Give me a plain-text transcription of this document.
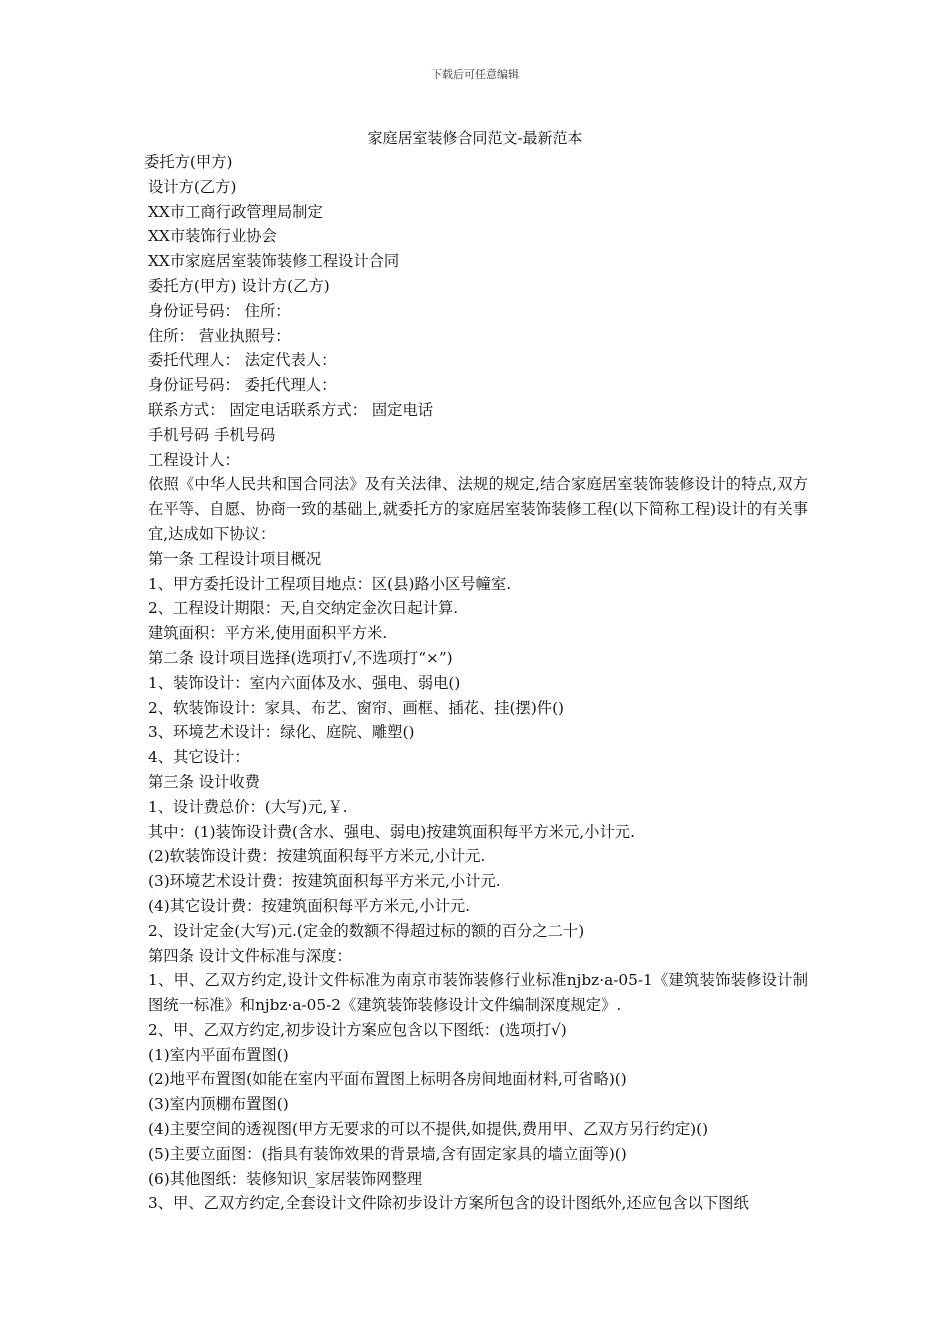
下载后可任意编辑
家庭居室装修合同范文-最新范本
委托方(甲方)
设计方(乙方)
XX市工商行政管理局制定
XX市装饰行业协会
XX市家庭居室装饰装修工程设计合同
委托方(甲方) 设计方(乙方)
身份证号码： 住所：
住所： 营业执照号：
委托代理人： 法定代表人：
身份证号码： 委托代理人：
联系方式： 固定电话联系方式： 固定电话
手机号码 手机号码
工程设计人：
依照《中华人民共和国合同法》及有关法律、法规的规定,结合家庭居室装饰装修设计的特点,双方在平等、自愿、协商一致的基础上,就委托方的家庭居室装饰装修工程(以下简称工程)设计的有关事宜,达成如下协议：
第一条 工程设计项目概况
1、甲方委托设计工程项目地点：区(县)路小区号幢室.
2、工程设计期限：天,自交纳定金次日起计算.
建筑面积：平方米,使用面积平方米.
第二条 设计项目选择(选项打√,不选项打“×”)
1、装饰设计：室内六面体及水、强电、弱电()
2、软装饰设计：家具、布艺、窗帘、画框、插花、挂(摆)件()
3、环境艺术设计：绿化、庭院、雕塑()
4、其它设计：
第三条 设计收费
1、设计费总价：(大写)元,￥.
其中：(1)装饰设计费(含水、强电、弱电)按建筑面积每平方米元,小计元.
(2)软装饰设计费：按建筑面积每平方米元,小计元.
(3)环境艺术设计费：按建筑面积每平方米元,小计元.
(4)其它设计费：按建筑面积每平方米元,小计元.
2、设计定金(大写)元.(定金的数额不得超过标的额的百分之二十)
第四条 设计文件标准与深度：
1、甲、乙双方约定,设计文件标准为南京市装饰装修行业标准njbz·a-05-1《建筑装饰装修设计制图统一标准》和njbz·a-05-2《建筑装饰装修设计文件编制深度规定》.
2、甲、乙双方约定,初步设计方案应包含以下图纸：(选项打√)
(1)室内平面布置图()
(2)地平布置图(如能在室内平面布置图上标明各房间地面材料,可省略)()
(3)室内顶棚布置图()
(4)主要空间的透视图(甲方无要求的可以不提供,如提供,费用甲、乙双方另行约定)()
(5)主要立面图：(指具有装饰效果的背景墙,含有固定家具的墙立面等)()
(6)其他图纸：装修知识_家居装饰网整理
3、甲、乙双方约定,全套设计文件除初步设计方案所包含的设计图纸外,还应包含以下图纸
